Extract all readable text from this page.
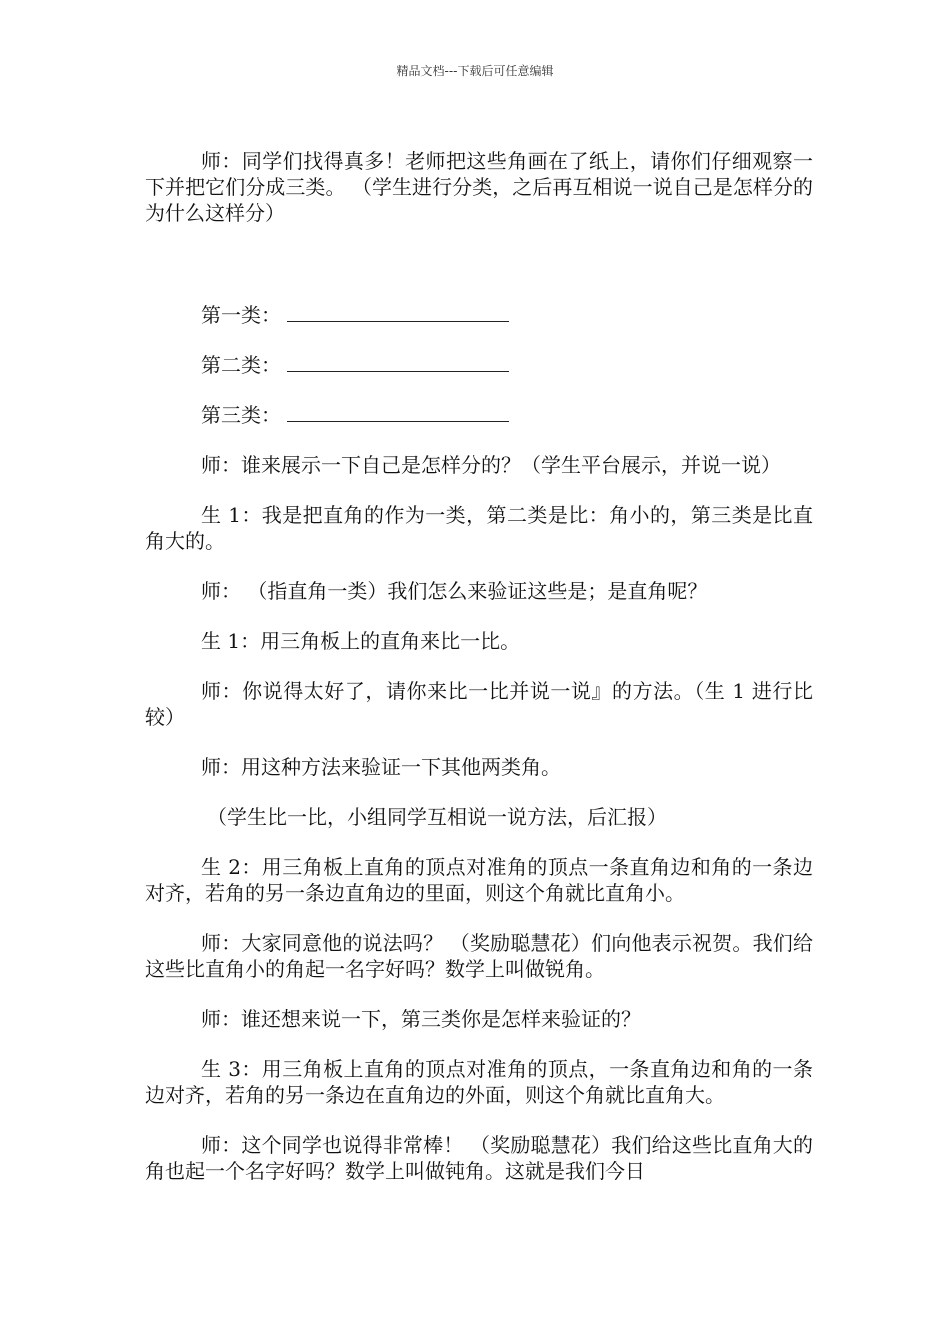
精品文档---下载后可任意编辑

师：同学们找得真多！老师把这些角画在了纸上，请你们仔细观察一下并把它们分成三类。 （学生进行分类，之后再互相说一说自己是怎样分的为什么这样分）

第一类：

第二类：

第三类：

师：谁来展示一下自己是怎样分的？（学生平台展示，并说一说）

生 1：我是把直角的作为一类，第二类是比：角小的，第三类是比直角大的。

师： （指直角一类）我们怎么来验证这些是；是直角呢？

生 1：用三角板上的直角来比一比。

师：你说得太好了，请你来比一比并说一说』的方法。（生 1 进行比较）

师：用这种方法来验证一下其他两类角。

（学生比一比，小组同学互相说一说方法，后汇报）

生 2：用三角板上直角的顶点对准角的顶点一条直角边和角的一条边对齐，若角的另一条边直角边的里面，则这个角就比直角小。

师：大家同意他的说法吗？ （奖励聪慧花）们向他表示祝贺。我们给这些比直角小的角起一名字好吗？数学上叫做锐角。

师：谁还想来说一下，第三类你是怎样来验证的？

生 3：用三角板上直角的顶点对准角的顶点，一条直角边和角的一条边对齐，若角的另一条边在直角边的外面，则这个角就比直角大。

师：这个同学也说得非常棒！ （奖励聪慧花）我们给这些比直角大的角也起一个名字好吗？数学上叫做钝角。这就是我们今日
